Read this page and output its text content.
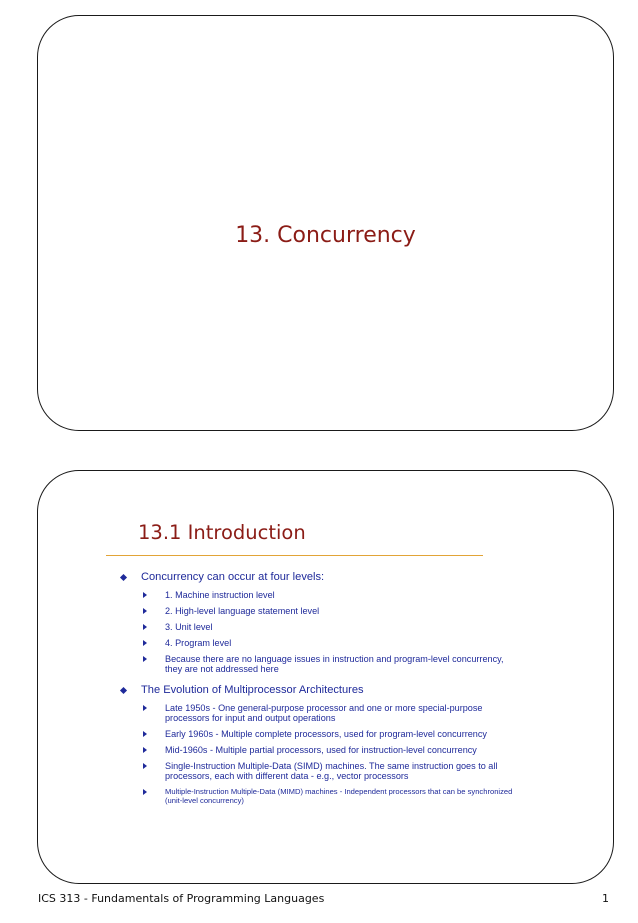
13. Concurrency
13.1 Introduction
Concurrency can occur at four levels:
1. Machine instruction level
2. High-level language statement level
3. Unit level
4. Program level
Because there are no language issues in instruction and program-level concurrency, they are not addressed here
The Evolution of Multiprocessor Architectures
Late 1950s - One general-purpose processor and one or more special-purpose processors for input and output operations
Early 1960s - Multiple complete processors, used for program-level concurrency
Mid-1960s - Multiple partial processors, used for instruction-level concurrency
Single-Instruction Multiple-Data (SIMD) machines. The same instruction goes to all processors, each with different data - e.g., vector processors
Multiple-Instruction Multiple-Data (MIMD) machines - Independent processors that can be synchronized (unit-level concurrency)
ICS 313 - Fundamentals of Programming Languages	1
